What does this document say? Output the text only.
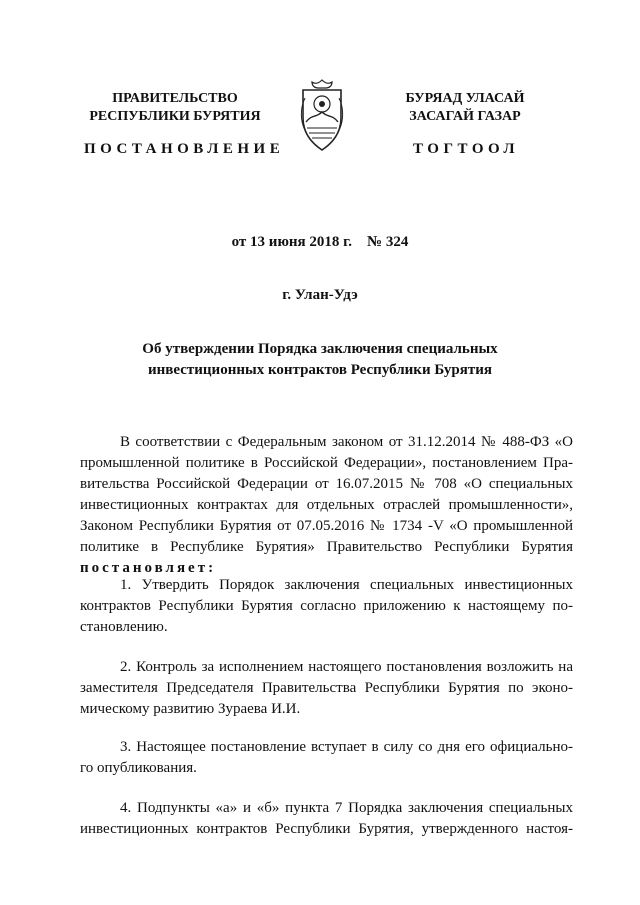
ПРАВИТЕЛЬСТВО
РЕСПУБЛИКИ БУРЯТИЯ
БУРЯАД УЛАСАЙ
ЗАСАГАЙ ГАЗАР
ПОСТАНОВЛЕНИЕ	ТОГТООЛ
от 13 июня 2018 г.    № 324
г. Улан-Удэ
Об утверждении Порядка заключения специальных
инвестиционных контрактов Республики Бурятия
В соответствии с Федеральным законом от 31.12.2014 № 488-ФЗ «О
промышленной политике в Российской Федерации», постановлением Пра-
вительства Российской Федерации от 16.07.2015 № 708 «О специальных
инвестиционных контрактах для отдельных отраслей промышленности»,
Законом Республики Бурятия от 07.05.2016 № 1734 -V «О промышленной
политике в Республике Бурятия» Правительство Республики Бурятия
постановляет:
1. Утвердить Порядок заключения специальных инвестиционных
контрактов Республики Бурятия согласно приложению к настоящему по-
становлению.
2. Контроль за исполнением настоящего постановления возложить на
заместителя Председателя Правительства Республики Бурятия по эконо-
мическому развитию Зураева И.И.
3. Настоящее постановление вступает в силу со дня его официально-
го опубликования.
4. Подпункты «а» и «б» пункта 7 Порядка заключения специальных
инвестиционных контрактов Республики Бурятия, утвержденного настоя-
